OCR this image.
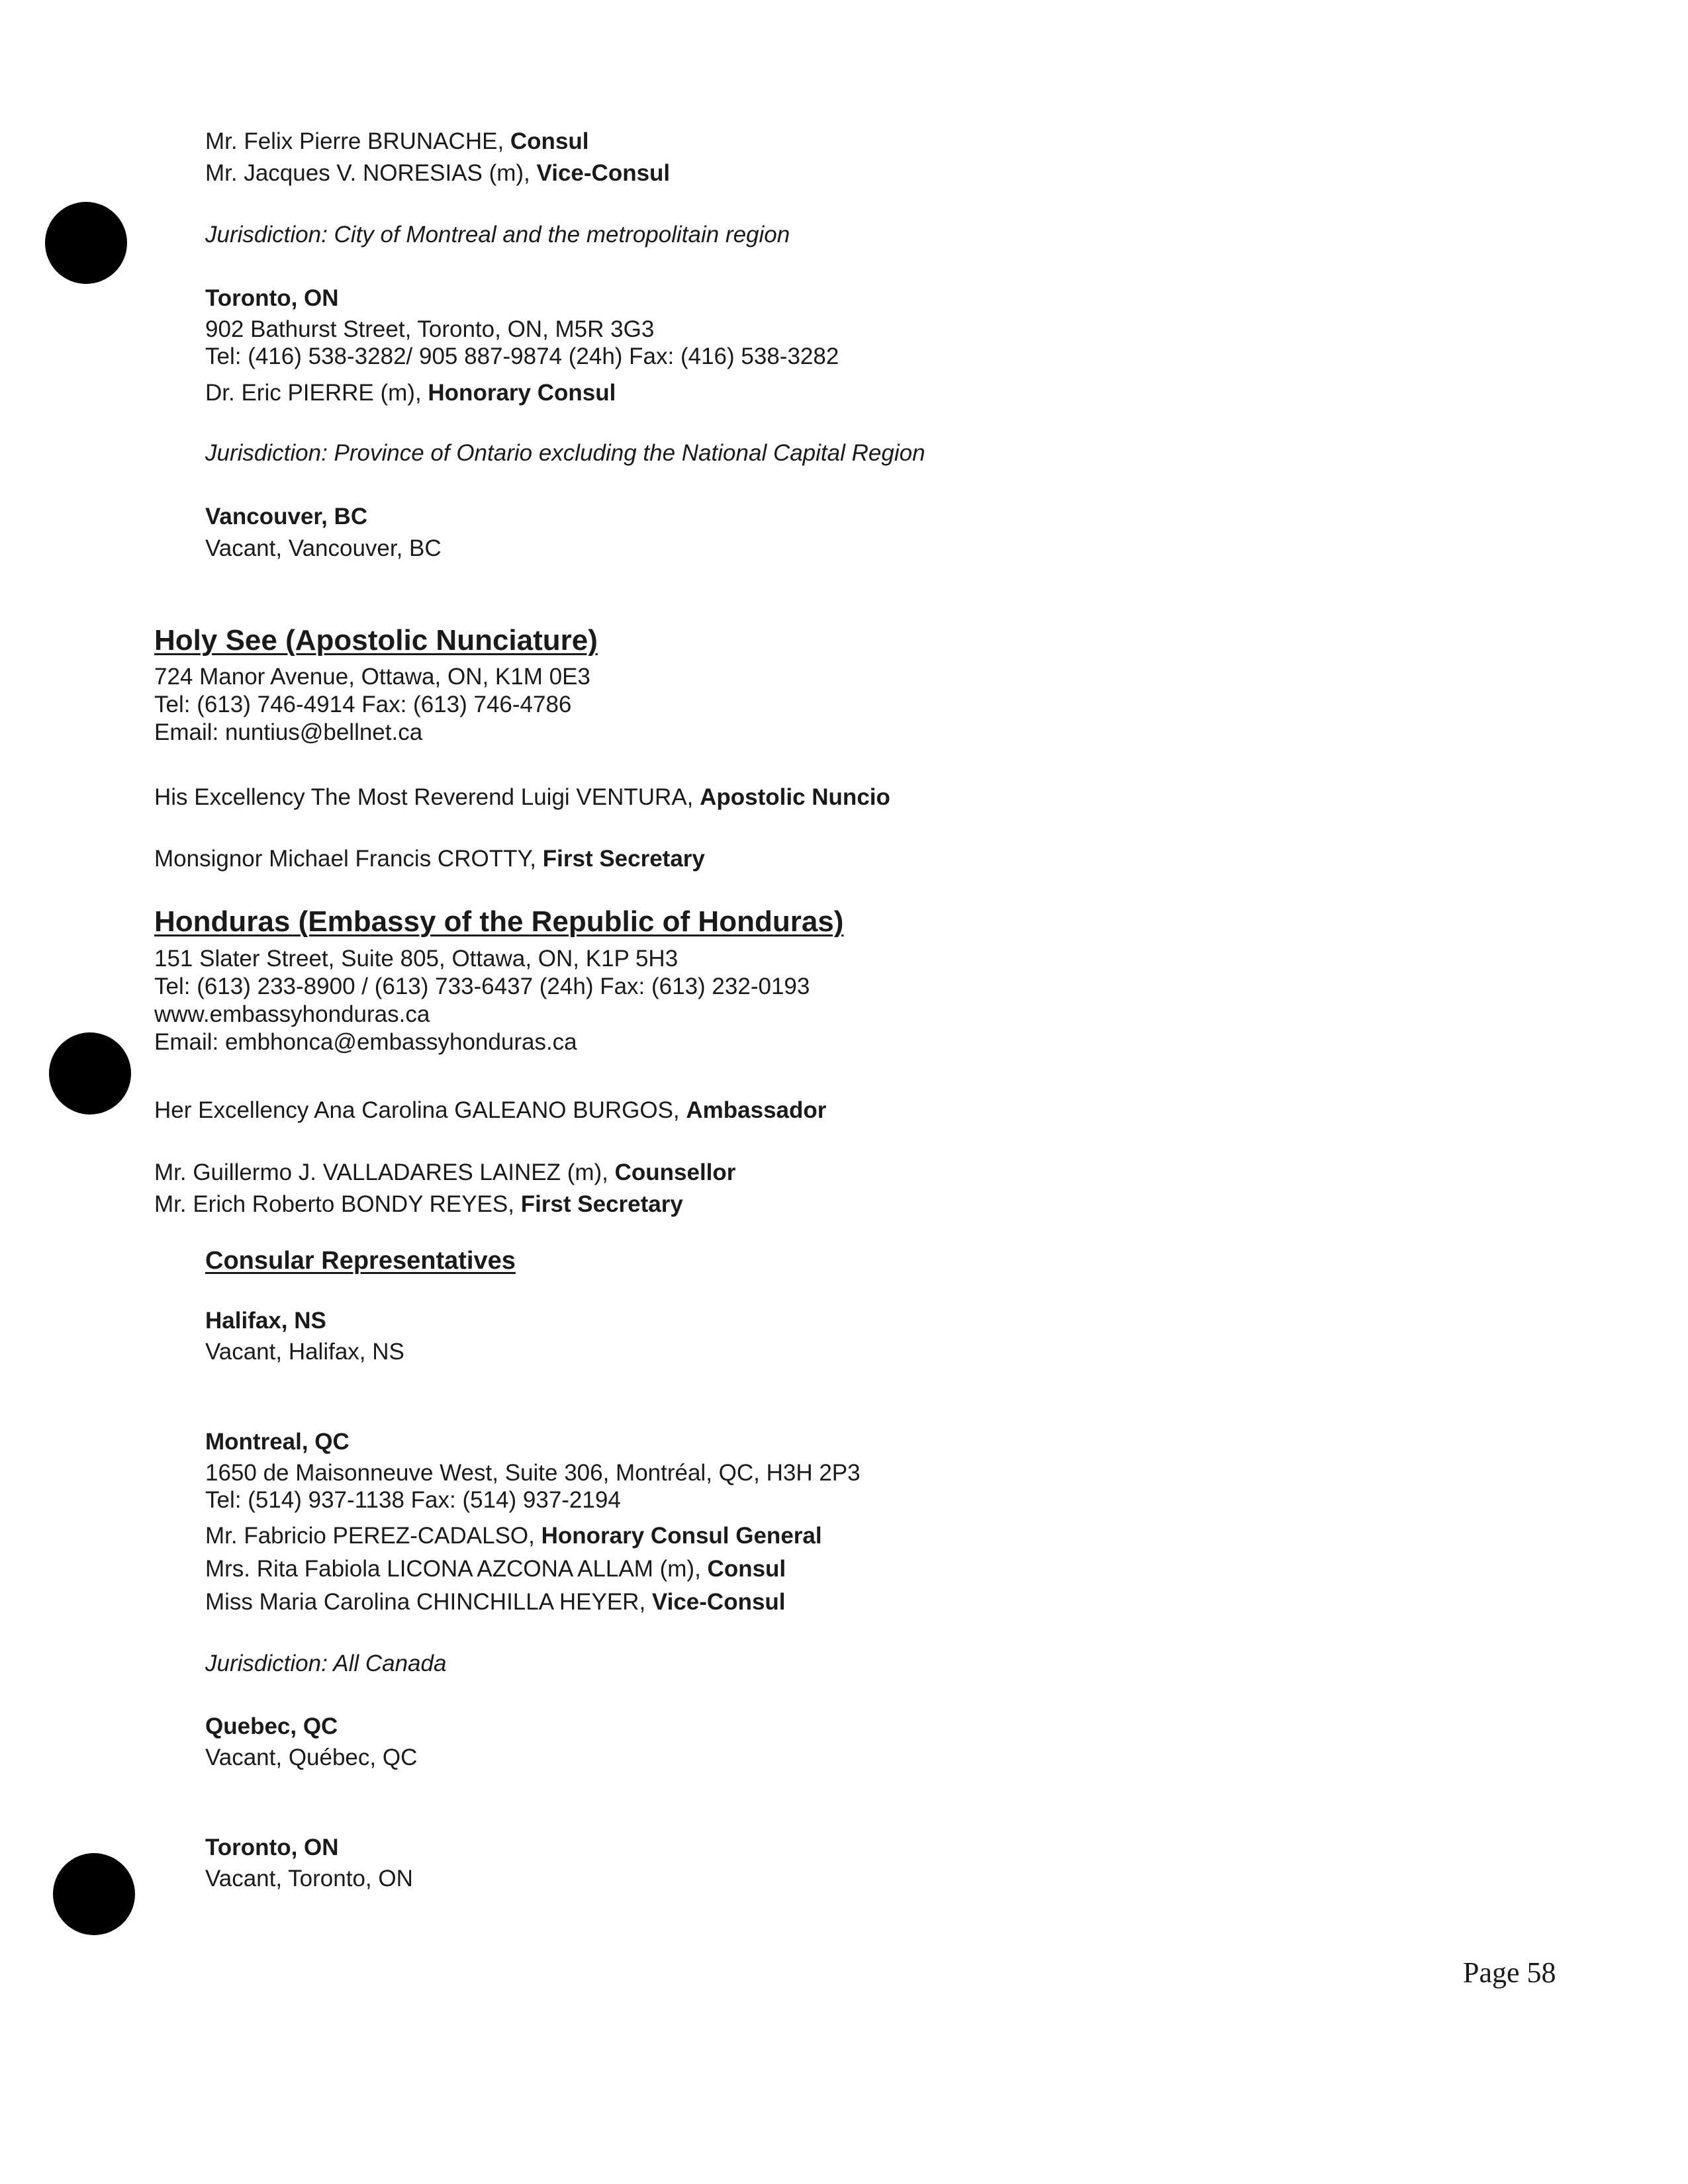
Mr. Felix Pierre BRUNACHE, Consul
Mr. Jacques V. NORESIAS (m), Vice-Consul
Jurisdiction: City of Montreal and the metropolitain region
Toronto, ON
902 Bathurst Street, Toronto, ON, M5R 3G3
Tel: (416) 538-3282/ 905 887-9874 (24h) Fax: (416) 538-3282
Dr. Eric PIERRE (m), Honorary Consul
Jurisdiction: Province of Ontario excluding the National Capital Region
Vancouver, BC
Vacant, Vancouver, BC
Holy See (Apostolic Nunciature)
724 Manor Avenue, Ottawa, ON, K1M 0E3
Tel: (613) 746-4914 Fax: (613) 746-4786
Email: nuntius@bellnet.ca
His Excellency The Most Reverend Luigi VENTURA, Apostolic Nuncio
Monsignor Michael Francis CROTTY, First Secretary
Honduras (Embassy of the Republic of Honduras)
151 Slater Street, Suite 805, Ottawa, ON, K1P 5H3
Tel: (613) 233-8900 / (613) 733-6437 (24h) Fax: (613) 232-0193
www.embassyhonduras.ca
Email: embhonca@embassyhonduras.ca
Her Excellency Ana Carolina GALEANO BURGOS, Ambassador
Mr. Guillermo J. VALLADARES LAINEZ (m), Counsellor
Mr. Erich Roberto BONDY REYES, First Secretary
Consular Representatives
Halifax, NS
Vacant, Halifax, NS
Montreal, QC
1650 de Maisonneuve West, Suite 306, Montréal, QC, H3H 2P3
Tel: (514) 937-1138 Fax: (514) 937-2194
Mr. Fabricio PEREZ-CADALSO, Honorary Consul General
Mrs. Rita Fabiola LICONA AZCONA ALLAM (m), Consul
Miss Maria Carolina CHINCHILLA HEYER, Vice-Consul
Jurisdiction: All Canada
Quebec, QC
Vacant, Québec, QC
Toronto, ON
Vacant, Toronto, ON
Page 58
